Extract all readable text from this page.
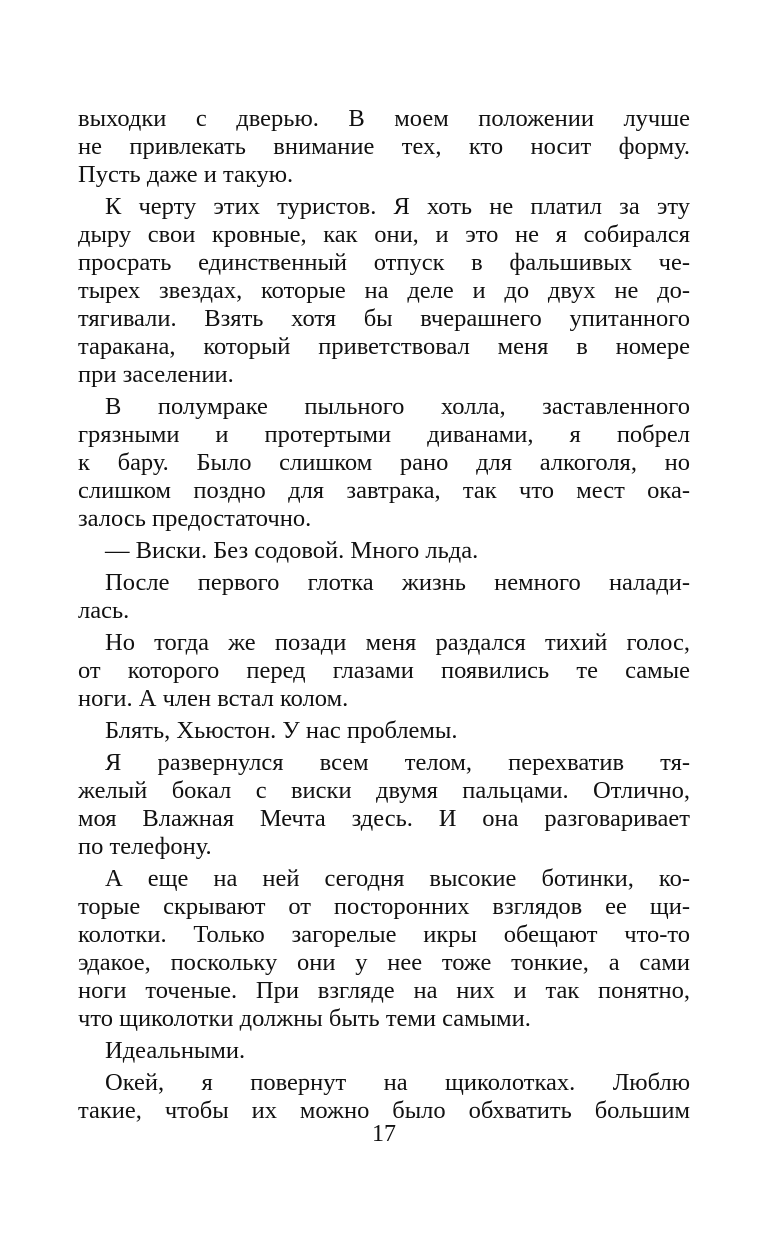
выходки с дверью. В моем положении лучше
не привлекать внимание тех, кто носит форму.
Пусть даже и такую.
К черту этих туристов. Я хоть не платил за эту
дыру свои кровные, как они, и это не я собирался
просрать единственный отпуск в фальшивых че-
тырех звездах, которые на деле и до двух не до-
тягивали. Взять хотя бы вчерашнего упитанного
таракана, который приветствовал меня в номере
при заселении.
В полумраке пыльного холла, заставленного
грязными и протертыми диванами, я побрел
к бару. Было слишком рано для алкоголя, но
слишком поздно для завтрака, так что мест ока-
залось предостаточно.
— Виски. Без содовой. Много льда.
После первого глотка жизнь немного налади-
лась.
Но тогда же позади меня раздался тихий голос,
от которого перед глазами появились те самые
ноги. А член встал колом.
Блять, Хьюстон. У нас проблемы.
Я развернулся всем телом, перехватив тя-
желый бокал с виски двумя пальцами. Отлично,
моя Влажная Мечта здесь. И она разговаривает
по телефону.
А еще на ней сегодня высокие ботинки, ко-
торые скрывают от посторонних взглядов ее щи-
колотки. Только загорелые икры обещают что-то
эдакое, поскольку они у нее тоже тонкие, а сами
ноги точеные. При взгляде на них и так понятно,
что щиколотки должны быть теми самыми.
Идеальными.
Окей, я повернут на щиколотках. Люблю
такие, чтобы их можно было обхватить большим
17
